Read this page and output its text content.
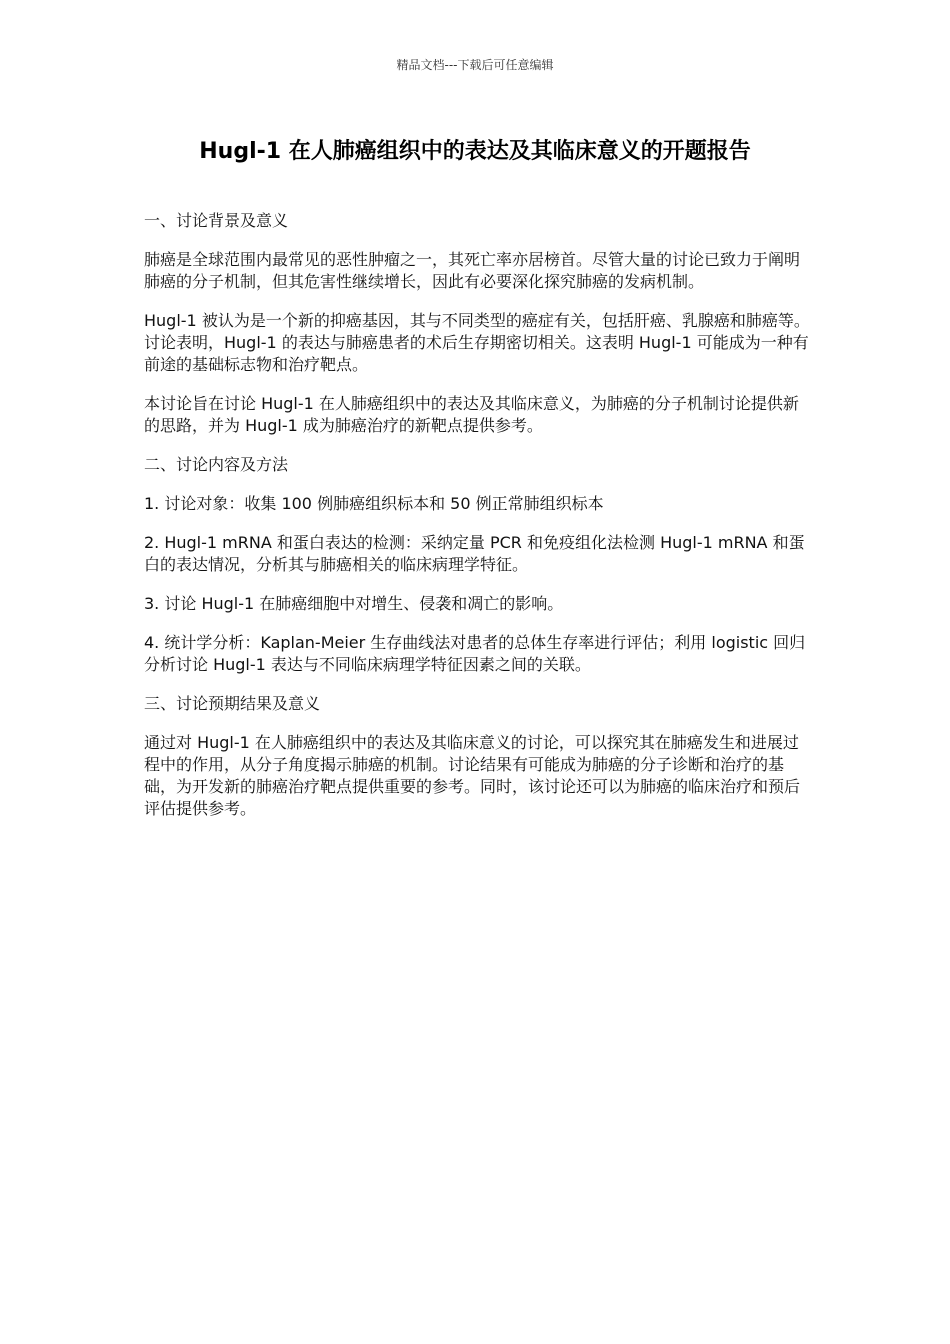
精品文档---下载后可任意编辑
Hugl-1 在人肺癌组织中的表达及其临床意义的开题报告

一、讨论背景及意义

肺癌是全球范围内最常见的恶性肿瘤之一，其死亡率亦居榜首。尽管大量的讨论已致力于阐明肺癌的分子机制，但其危害性继续增长，因此有必要深化探究肺癌的发病机制。

Hugl-1 被认为是一个新的抑癌基因，其与不同类型的癌症有关，包括肝癌、乳腺癌和肺癌等。讨论表明，Hugl-1 的表达与肺癌患者的术后生存期密切相关。这表明 Hugl-1 可能成为一种有前途的基础标志物和治疗靶点。

本讨论旨在讨论 Hugl-1 在人肺癌组织中的表达及其临床意义，为肺癌的分子机制讨论提供新的思路，并为 Hugl-1 成为肺癌治疗的新靶点提供参考。

二、讨论内容及方法

1. 讨论对象：收集 100 例肺癌组织标本和 50 例正常肺组织标本

2. Hugl-1 mRNA 和蛋白表达的检测：采纳定量 PCR 和免疫组化法检测 Hugl-1 mRNA 和蛋白的表达情况，分析其与肺癌相关的临床病理学特征。

3. 讨论 Hugl-1 在肺癌细胞中对增生、侵袭和凋亡的影响。

4. 统计学分析：Kaplan-Meier 生存曲线法对患者的总体生存率进行评估；利用 logistic 回归分析讨论 Hugl-1 表达与不同临床病理学特征因素之间的关联。

三、讨论预期结果及意义

通过对 Hugl-1 在人肺癌组织中的表达及其临床意义的讨论，可以探究其在肺癌发生和进展过程中的作用，从分子角度揭示肺癌的机制。讨论结果有可能成为肺癌的分子诊断和治疗的基础，为开发新的肺癌治疗靶点提供重要的参考。同时，该讨论还可以为肺癌的临床治疗和预后评估提供参考。
